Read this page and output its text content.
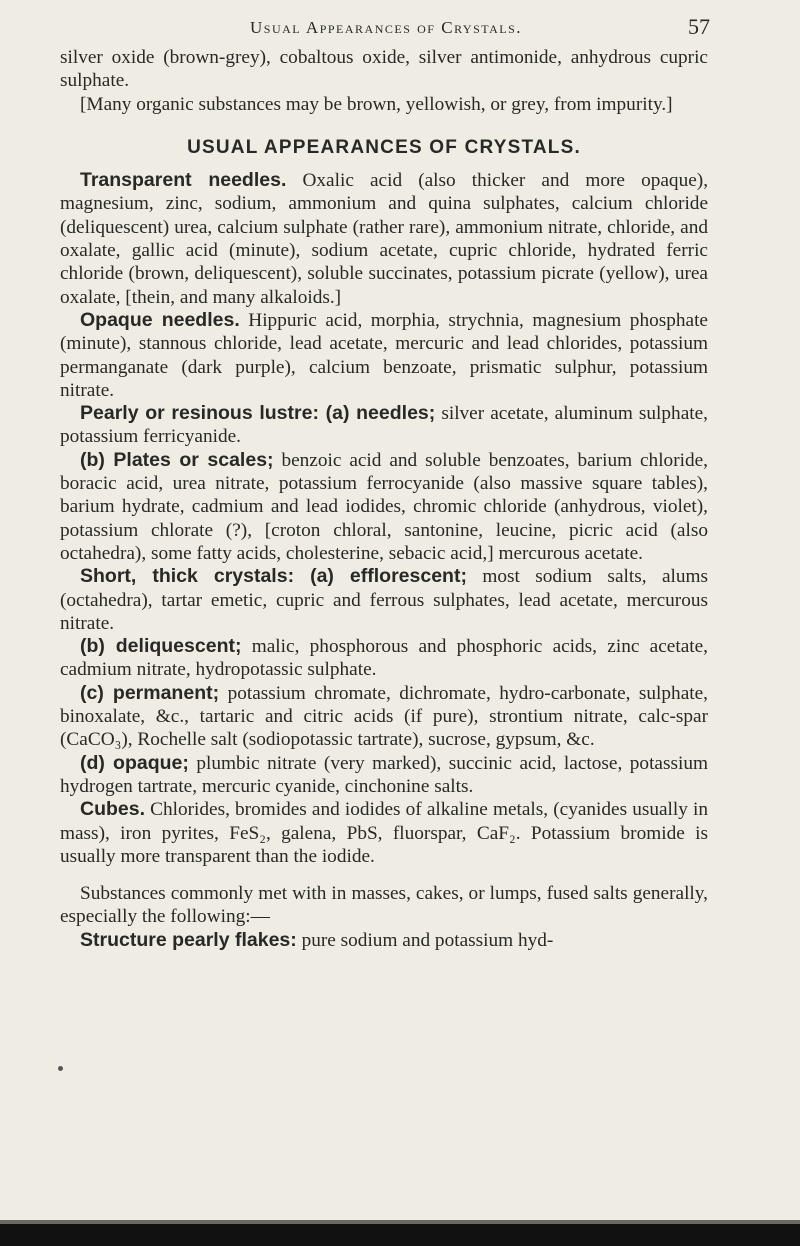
Usual Appearances of Crystals.	57

silver oxide (brown-grey), cobaltous oxide, silver antimonide, anhydrous cupric sulphate.

[Many organic substances may be brown, yellowish, or grey, from impurity.]

USUAL APPEARANCES OF CRYSTALS.

Transparent needles. Oxalic acid (also thicker and more opaque), magnesium, zinc, sodium, ammonium and quina sulphates, calcium chloride (deliquescent) urea, calcium sulphate (rather rare), ammonium nitrate, chloride, and oxalate, gallic acid (minute), sodium acetate, cupric chloride, hydrated ferric chloride (brown, deliquescent), soluble succinates, potassium picrate (yellow), urea oxalate, [thein, and many alkaloids.]

Opaque needles. Hippuric acid, morphia, strychnia, magnesium phosphate (minute), stannous chloride, lead acetate, mercuric and lead chlorides, potassium permanganate (dark purple), calcium benzoate, prismatic sulphur, potassium nitrate.

Pearly or resinous lustre: (a) needles; silver acetate, aluminum sulphate, potassium ferricyanide.

(b) Plates or scales; benzoic acid and soluble benzoates, barium chloride, boracic acid, urea nitrate, potassium ferrocyanide (also massive square tables), barium hydrate, cadmium and lead iodides, chromic chloride (anhydrous, violet), potassium chlorate (?), [croton chloral, santonine, leucine, picric acid (also octahedra), some fatty acids, cholesterine, sebacic acid,] mercurous acetate.

Short, thick crystals: (a) efflorescent; most sodium salts, alums (octahedra), tartar emetic, cupric and ferrous sulphates, lead acetate, mercurous nitrate.

(b) deliquescent; malic, phosphorous and phosphoric acids, zinc acetate, cadmium nitrate, hydropotassic sulphate.

(c) permanent; potassium chromate, dichromate, hydro-carbonate, sulphate, binoxalate, &c., tartaric and citric acids (if pure), strontium nitrate, calc-spar (CaCO₃), Rochelle salt (sodiopotassic tartrate), sucrose, gypsum, &c.

(d) opaque; plumbic nitrate (very marked), succinic acid, lactose, potassium hydrogen tartrate, mercuric cyanide, cinchonine salts.

Cubes. Chlorides, bromides and iodides of alkaline metals, (cyanides usually in mass), iron pyrites, FeS₂, galena, PbS, fluorspar, CaF₂. Potassium bromide is usually more transparent than the iodide.

Substances commonly met with in masses, cakes, or lumps, fused salts generally, especially the following:—

Structure pearly flakes: pure sodium and potassium hyd-
